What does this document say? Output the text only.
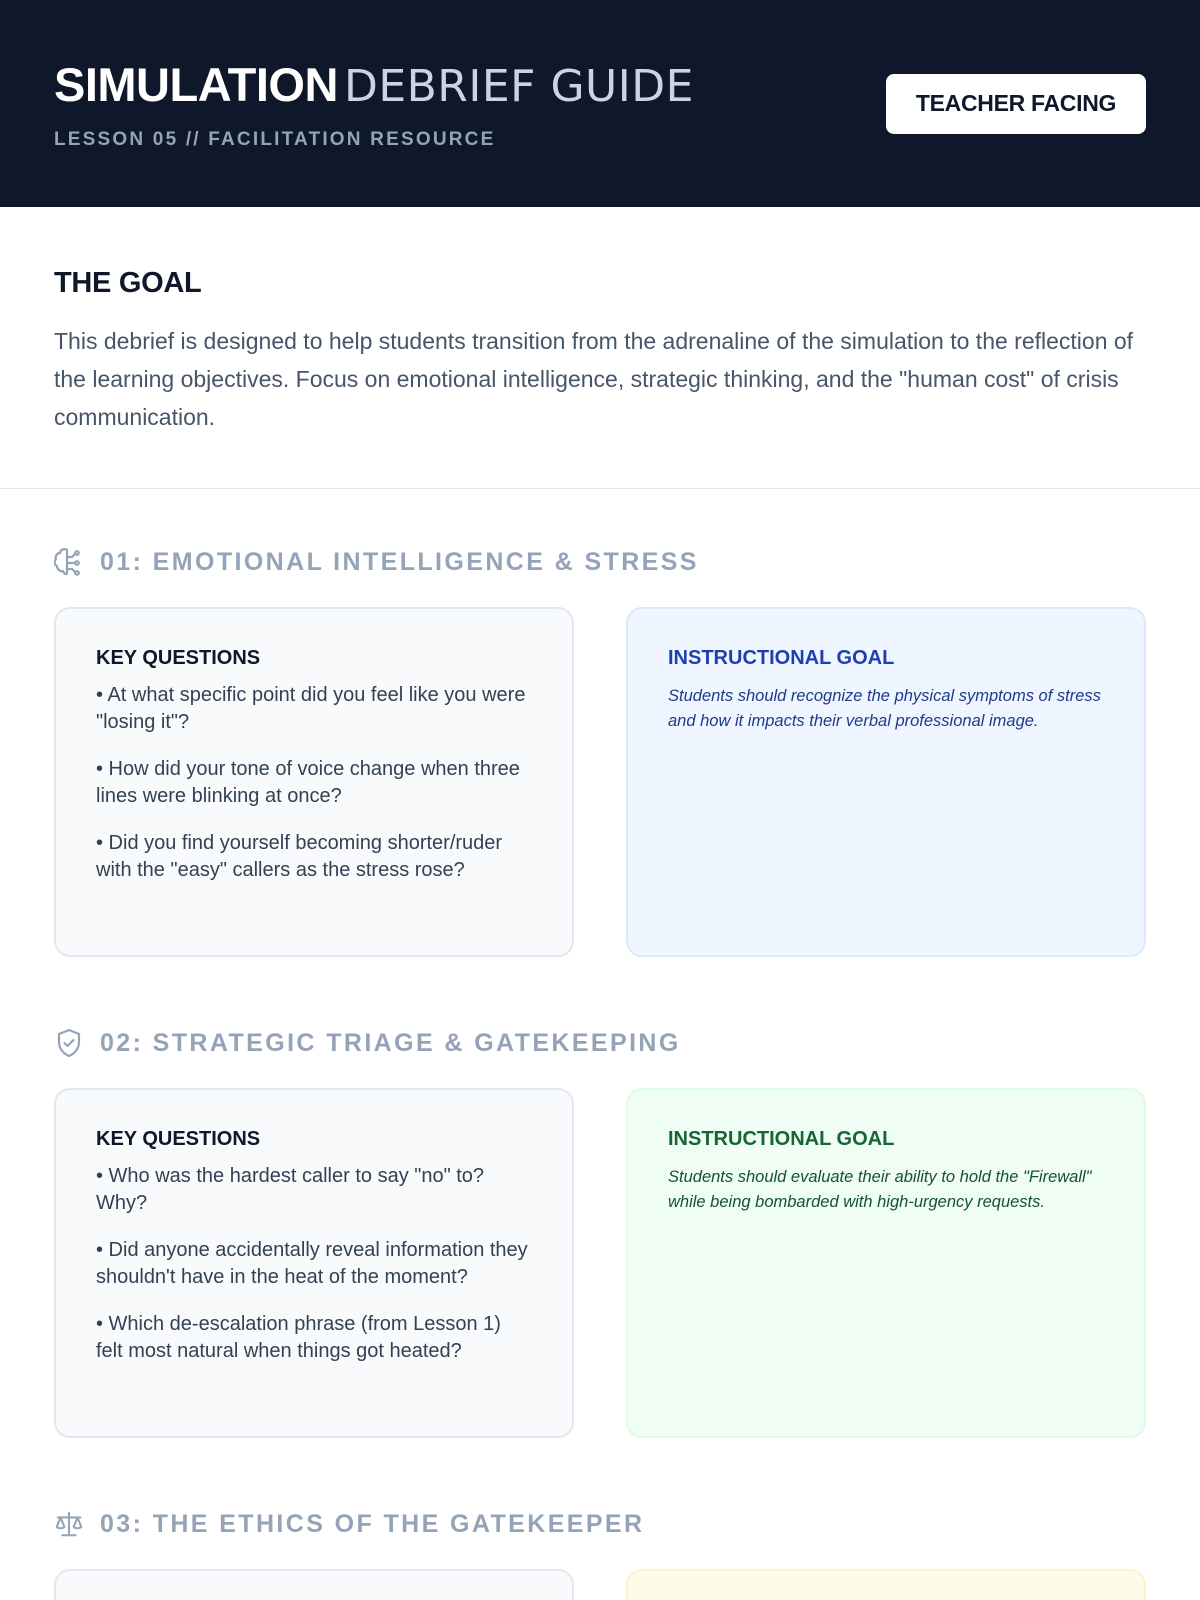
SIMULATION DEBRIEF GUIDE
LESSON 05 // FACILITATION RESOURCE
TEACHER FACING
THE GOAL
This debrief is designed to help students transition from the adrenaline of the simulation to the reflection of the learning objectives. Focus on emotional intelligence, strategic thinking, and the "human cost" of crisis communication.
01: EMOTIONAL INTELLIGENCE & STRESS
KEY QUESTIONS
• At what specific point did you feel like you were "losing it"?
• How did your tone of voice change when three lines were blinking at once?
• Did you find yourself becoming shorter/ruder with the "easy" callers as the stress rose?
INSTRUCTIONAL GOAL
Students should recognize the physical symptoms of stress and how it impacts their verbal professional image.
02: STRATEGIC TRIAGE & GATEKEEPING
KEY QUESTIONS
• Who was the hardest caller to say "no" to? Why?
• Did anyone accidentally reveal information they shouldn't have in the heat of the moment?
• Which de-escalation phrase (from Lesson 1) felt most natural when things got heated?
INSTRUCTIONAL GOAL
Students should evaluate their ability to hold the "Firewall" while being bombarded with high-urgency requests.
03: THE ETHICS OF THE GATEKEEPER
